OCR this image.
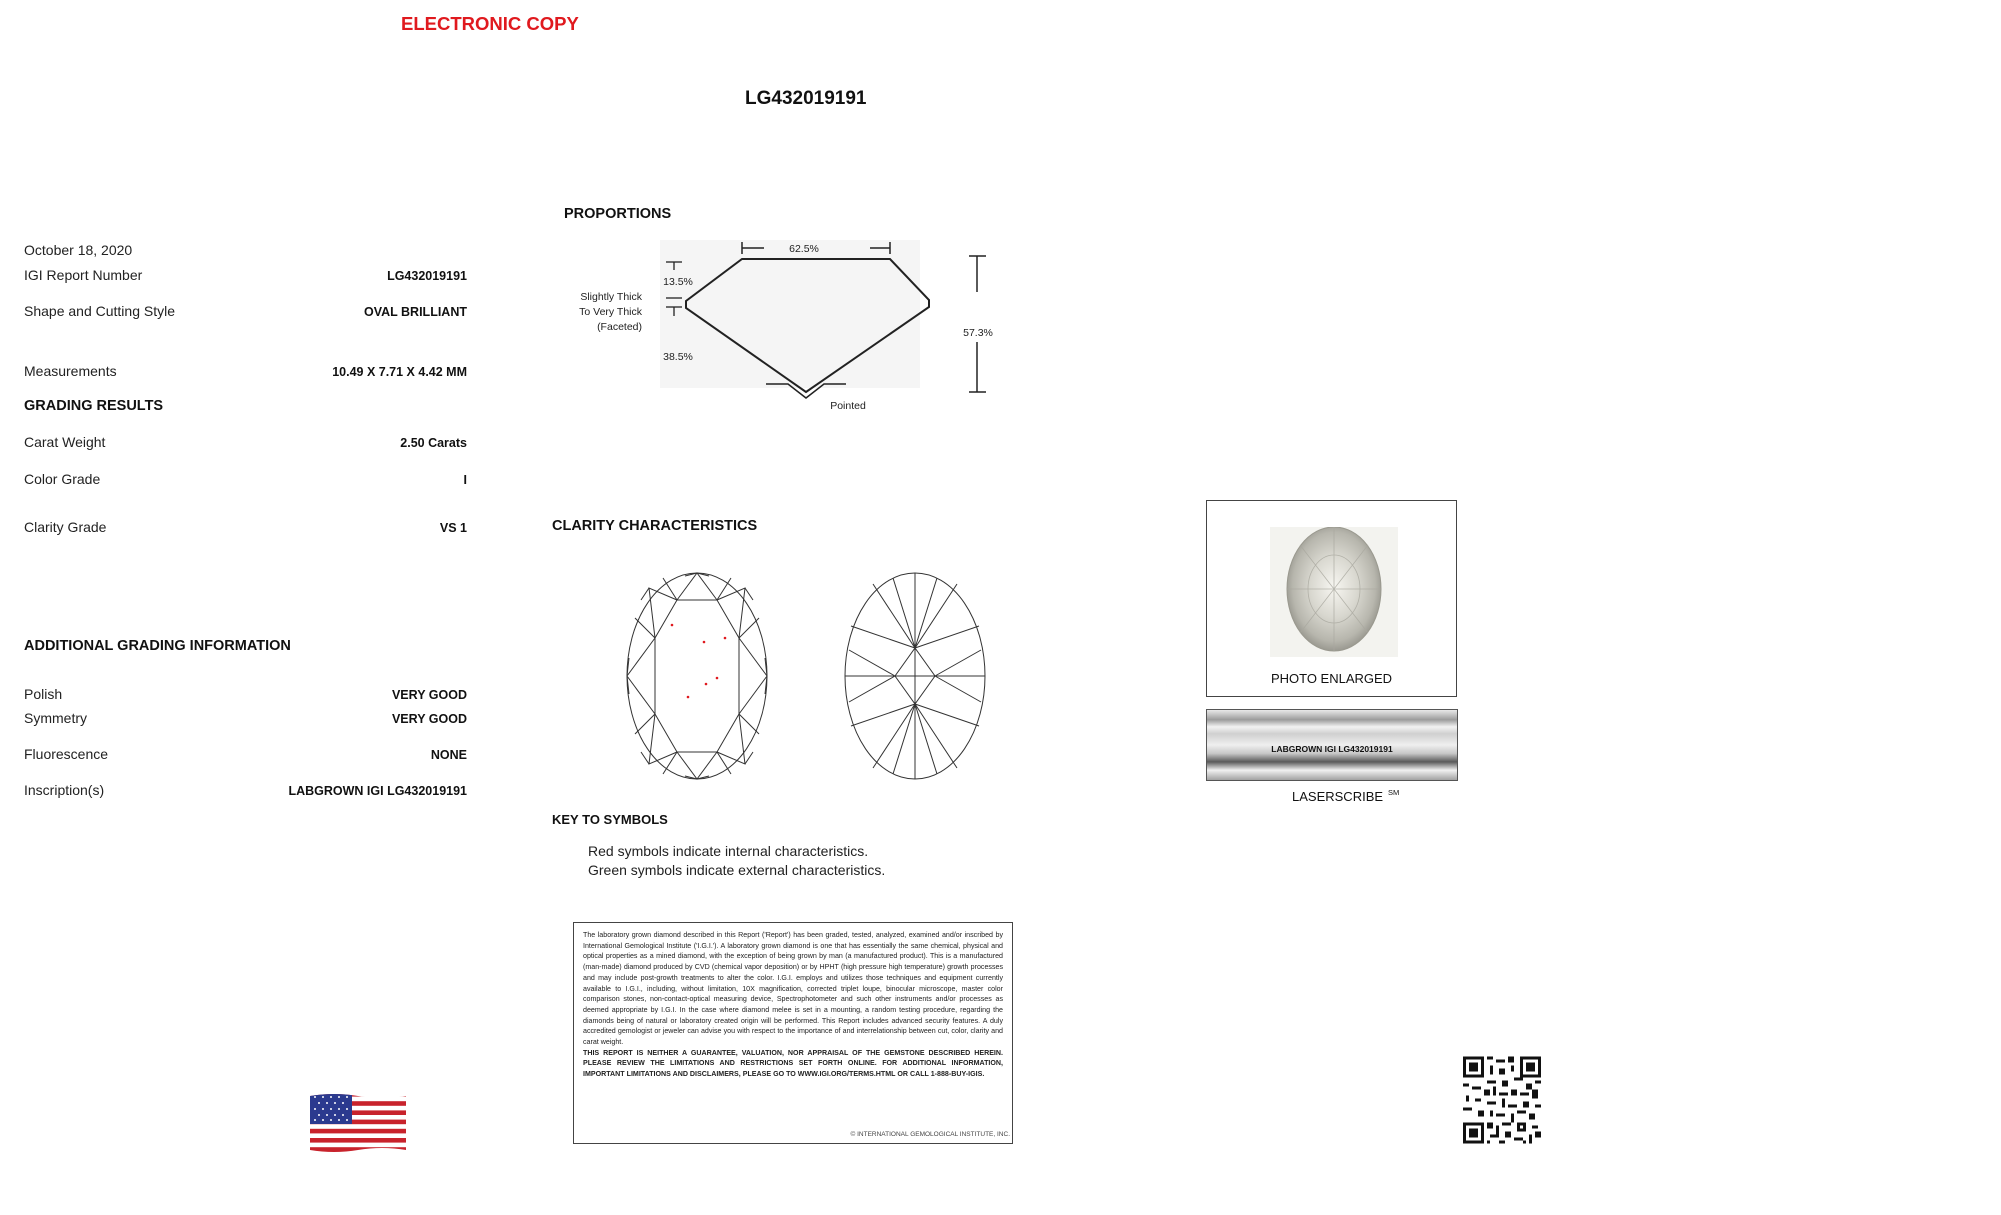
ELECTRONIC COPY
LG432019191
October 18, 2020
IGI Report Number	LG432019191
Shape and Cutting Style	OVAL BRILLIANT
Measurements	10.49 X 7.71 X 4.42 MM
GRADING RESULTS
Carat Weight	2.50 Carats
Color Grade	I
Clarity Grade	VS 1
ADDITIONAL GRADING INFORMATION
Polish	VERY GOOD
Symmetry	VERY GOOD
Fluorescence	NONE
Inscription(s)	LABGROWN IGI LG432019191
PROPORTIONS
62.5%
57.3%
13.5%
38.5%
Slightly Thick
To Very Thick
(Faceted)
Pointed
CLARITY CHARACTERISTICS
KEY TO SYMBOLS
Red symbols indicate internal characteristics.
Green symbols indicate external characteristics.

The laboratory grown diamond described in this Report ('Report') has been graded, tested, analyzed, examined and/or inscribed by International Gemological Institute ('I.G.I.'). A laboratory grown diamond is one that has essentially the same chemical, physical and optical properties as a mined diamond, with the exception of being grown by man (a manufactured product). This is a manufactured (man-made) diamond produced by CVD (chemical vapor deposition) or by HPHT (high pressure high temperature) growth processes and may include post-growth treatments to alter the color. I.G.I. employs and utilizes those techniques and equipment currently available to I.G.I., including, without limitation, 10X magnification, corrected triplet loupe, binocular microscope, master color comparison stones, non-contact-optical measuring device, Spectrophotometer and such other instruments and/or processes as deemed appropriate by I.G.I. In the case where diamond melee is set in a mounting, a random testing procedure, regarding the diamonds being of natural or laboratory created origin will be performed. This Report includes advanced security features. A duly accredited gemologist or jeweler can advise you with respect to the importance of and interrelationship between cut, color, clarity and carat weight.

THIS REPORT IS NEITHER A GUARANTEE, VALUATION, NOR APPRAISAL OF THE GEMSTONE DESCRIBED HEREIN. PLEASE REVIEW THE LIMITATIONS AND RESTRICTIONS SET FORTH ONLINE. FOR ADDITIONAL INFORMATION, IMPORTANT LIMITATIONS AND DISCLAIMERS, PLEASE GO TO WWW.IGI.ORG/TERMS.HTML OR CALL 1-888-BUY-IGIS.

© INTERNATIONAL GEMOLOGICAL INSTITUTE, INC.
PHOTO ENLARGED
LABGROWN IGI LG432019191
LASERSCRIBE SM
